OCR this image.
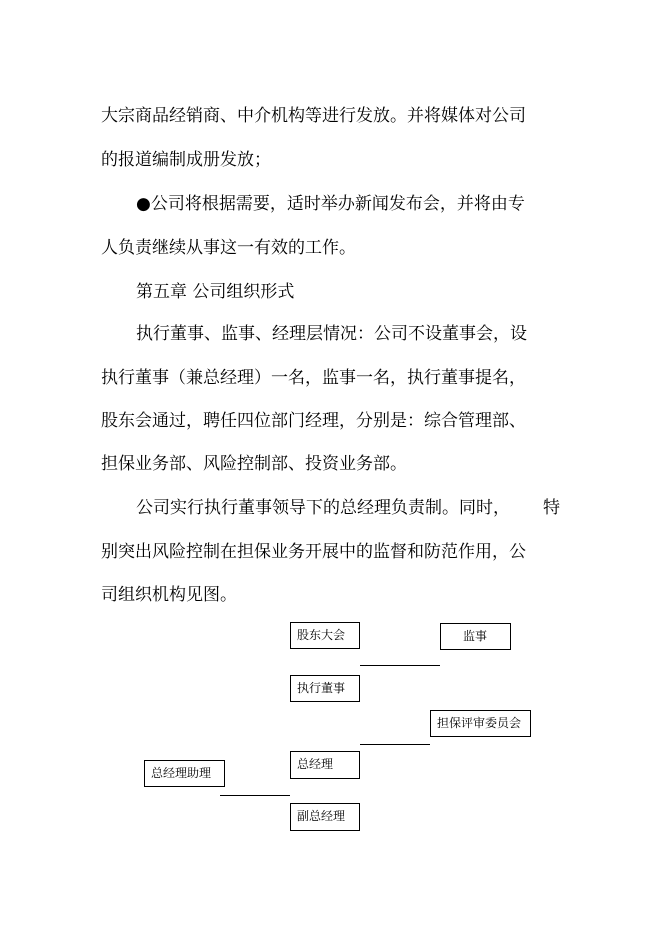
大宗商品经销商、中介机构等进行发放。并将媒体对公司
的报道编制成册发放；
●公司将根据需要，适时举办新闻发布会，并将由专
人负责继续从事这一有效的工作。
第五章 公司组织形式
执行董事、监事、经理层情况：公司不设董事会，设
执行董事（兼总经理）一名，监事一名，执行董事提名，
股东会通过，聘任四位部门经理，分别是：综合管理部、
担保业务部、风险控制部、投资业务部。
公司实行执行董事领导下的总经理负责制。同时， 特
别突出风险控制在担保业务开展中的监督和防范作用，公
司组织机构见图。
股东大会	监事
执行董事
担保评审委员会
总经理
总经理助理
副总经理
